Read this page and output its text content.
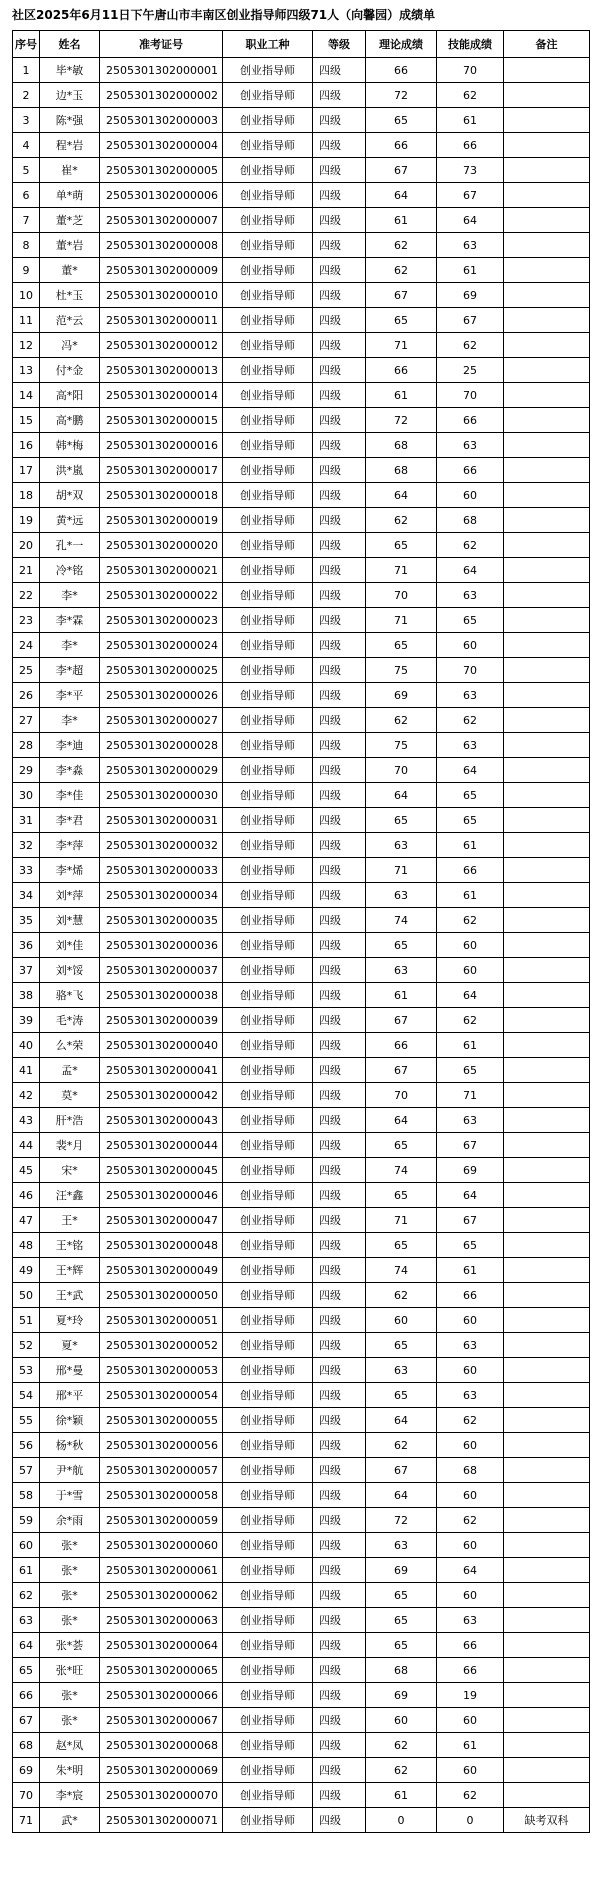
社区2025年6月11日下午唐山市丰南区创业指导师四级71人（向馨园）成绩单
序号	姓名	准考证号	职业工种	等级	理论成绩	技能成绩	备注
1	毕*敏	2505301302000001	创业指导师	四级	66	70	
2	边*玉	2505301302000002	创业指导师	四级	72	62	
3	陈*强	2505301302000003	创业指导师	四级	65	61	
4	程*岩	2505301302000004	创业指导师	四级	66	66	
5	崔*	2505301302000005	创业指导师	四级	67	73	
6	单*萌	2505301302000006	创业指导师	四级	64	67	
7	董*芝	2505301302000007	创业指导师	四级	61	64	
8	董*岩	2505301302000008	创业指导师	四级	62	63	
9	董*	2505301302000009	创业指导师	四级	62	61	
10	杜*玉	2505301302000010	创业指导师	四级	67	69	
11	范*云	2505301302000011	创业指导师	四级	65	67	
12	冯*	2505301302000012	创业指导师	四级	71	62	
13	付*金	2505301302000013	创业指导师	四级	66	25	
14	高*阳	2505301302000014	创业指导师	四级	61	70	
15	高*鹏	2505301302000015	创业指导师	四级	72	66	
16	韩*梅	2505301302000016	创业指导师	四级	68	63	
17	洪*嵐	2505301302000017	创业指导师	四级	68	66	
18	胡*双	2505301302000018	创业指导师	四级	64	60	
19	黄*远	2505301302000019	创业指导师	四级	62	68	
20	孔*一	2505301302000020	创业指导师	四级	65	62	
21	冷*铭	2505301302000021	创业指导师	四级	71	64	
22	李*	2505301302000022	创业指导师	四级	70	63	
23	李*霖	2505301302000023	创业指导师	四级	71	65	
24	李*	2505301302000024	创业指导师	四级	65	60	
25	李*超	2505301302000025	创业指导师	四级	75	70	
26	李*平	2505301302000026	创业指导师	四级	69	63	
27	李*	2505301302000027	创业指导师	四级	62	62	
28	李*迪	2505301302000028	创业指导师	四级	75	63	
29	李*淼	2505301302000029	创业指导师	四级	70	64	
30	李*佳	2505301302000030	创业指导师	四级	64	65	
31	李*君	2505301302000031	创业指导师	四级	65	65	
32	李*萍	2505301302000032	创业指导师	四级	63	61	
33	李*烯	2505301302000033	创业指导师	四级	71	66	
34	刘*萍	2505301302000034	创业指导师	四级	63	61	
35	刘*慧	2505301302000035	创业指导师	四级	74	62	
36	刘*佳	2505301302000036	创业指导师	四级	65	60	
37	刘*馁	2505301302000037	创业指导师	四级	63	60	
38	骆*飞	2505301302000038	创业指导师	四级	61	64	
39	毛*涛	2505301302000039	创业指导师	四级	67	62	
40	么*荣	2505301302000040	创业指导师	四级	66	61	
41	孟*	2505301302000041	创业指导师	四级	67	65	
42	莫*	2505301302000042	创业指导师	四级	70	71	
43	肝*浩	2505301302000043	创业指导师	四级	64	63	
44	裴*月	2505301302000044	创业指导师	四级	65	67	
45	宋*	2505301302000045	创业指导师	四级	74	69	
46	汪*鑫	2505301302000046	创业指导师	四级	65	64	
47	王*	2505301302000047	创业指导师	四级	71	67	
48	王*铭	2505301302000048	创业指导师	四级	65	65	
49	王*辉	2505301302000049	创业指导师	四级	74	61	
50	王*武	2505301302000050	创业指导师	四级	62	66	
51	夏*玲	2505301302000051	创业指导师	四级	60	60	
52	夏*	2505301302000052	创业指导师	四级	65	63	
53	邢*曼	2505301302000053	创业指导师	四级	63	60	
54	邢*平	2505301302000054	创业指导师	四级	65	63	
55	徐*颖	2505301302000055	创业指导师	四级	64	62	
56	杨*秋	2505301302000056	创业指导师	四级	62	60	
57	尹*航	2505301302000057	创业指导师	四级	67	68	
58	于*雪	2505301302000058	创业指导师	四级	64	60	
59	余*雨	2505301302000059	创业指导师	四级	72	62	
60	张*	2505301302000060	创业指导师	四级	63	60	
61	张*	2505301302000061	创业指导师	四级	69	64	
62	张*	2505301302000062	创业指导师	四级	65	60	
63	张*	2505301302000063	创业指导师	四级	65	63	
64	张*荟	2505301302000064	创业指导师	四级	65	66	
65	张*旺	2505301302000065	创业指导师	四级	68	66	
66	张*	2505301302000066	创业指导师	四级	69	19	
67	张*	2505301302000067	创业指导师	四级	60	60	
68	赵*凤	2505301302000068	创业指导师	四级	62	61	
69	朱*明	2505301302000069	创业指导师	四级	62	60	
70	李*宸	2505301302000070	创业指导师	四级	61	62	
71	武*	2505301302000071	创业指导师	四级	0	0	缺考双科
